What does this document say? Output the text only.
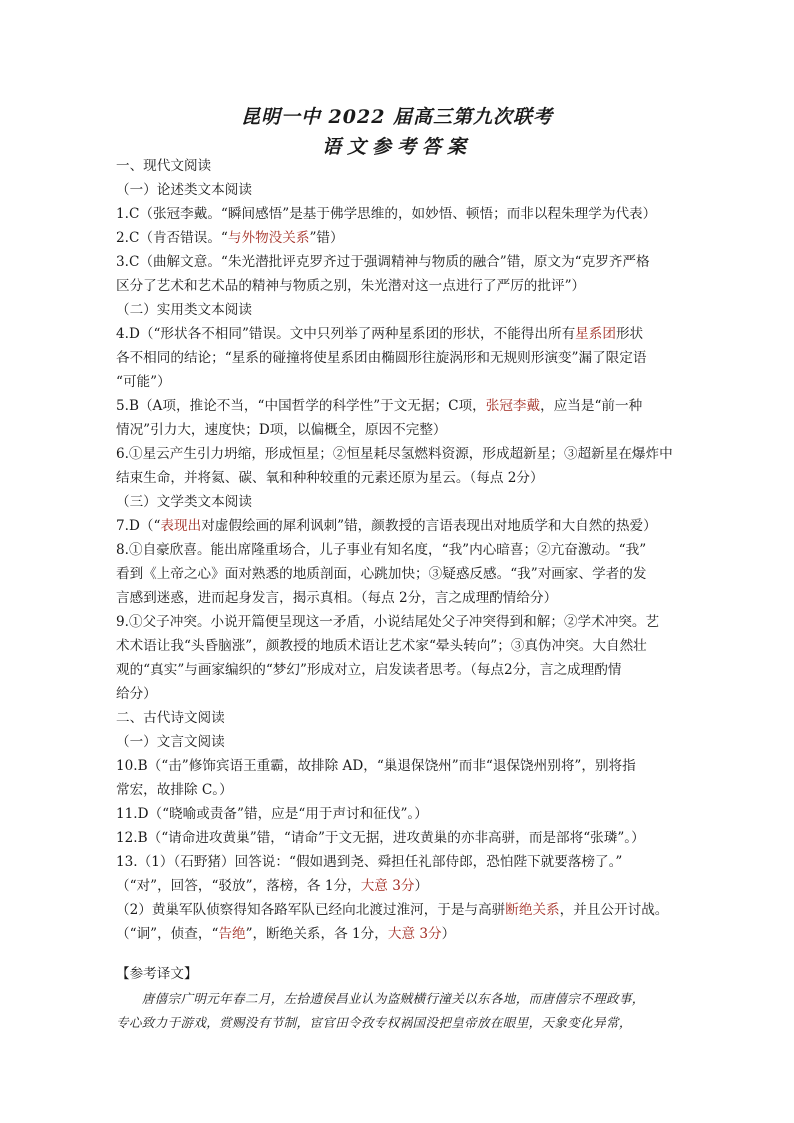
昆明一中 2022 届高三第九次联考
语文参考答案
一、现代文阅读
（一）论述类文本阅读
1.C（张冠李戴。“瞬间感悟”是基于佛学思维的，如妙悟、顿悟；而非以程朱理学为代表）
2.C（肯否错误。“与外物没关系”错）
3.C（曲解文意。“朱光潜批评克罗齐过于强调精神与物质的融合”错，原文为“克罗齐严格
区分了艺术和艺术品的精神与物质之别，朱光潜对这一点进行了严厉的批评”）
（二）实用类文本阅读
4.D（“形状各不相同”错误。文中只列举了两种星系团的形状，不能得出所有星系团形状
各不相同的结论；“星系的碰撞将使星系团由椭圆形往旋涡形和无规则形演变”漏了限定语
“可能”）
5.B（A项，推论不当，“中国哲学的科学性”于文无据；C项，张冠李戴，应当是“前一种
情况”引力大，速度快；D项，以偏概全，原因不完整）
6.①星云产生引力坍缩，形成恒星；②恒星耗尽氢燃料资源，形成超新星；③超新星在爆炸中
结束生命，并将氦、碳、氧和种种较重的元素还原为星云。（每点 2分）
（三）文学类文本阅读
7.D（“表现出对虚假绘画的犀利讽刺”错，颜教授的言语表现出对地质学和大自然的热爱）
8.①自豪欣喜。能出席隆重场合，儿子事业有知名度，“我”内心暗喜；②亢奋激动。“我”
看到《上帝之心》面对熟悉的地质剖面，心跳加快；③疑惑反感。“我”对画家、学者的发
言感到迷惑，进而起身发言，揭示真相。（每点 2分，言之成理酌情给分）
9.①父子冲突。小说开篇便呈现这一矛盾，小说结尾处父子冲突得到和解；②学术冲突。艺
术术语让我“头昏脑涨”，颜教授的地质术语让艺术家“晕头转向”；③真伪冲突。大自然壮
观的“真实”与画家编织的“梦幻”形成对立，启发读者思考。（每点2分，言之成理酌情
给分）
二、古代诗文阅读
（一）文言文阅读
10.B（“击”修饰宾语王重霸，故排除 AD，“巢退保饶州”而非“退保饶州别将”，别将指
常宏，故排除 C。）
11.D（“晓喻或责备”错，应是“用于声讨和征伐”。）
12.B（“请命进攻黄巢”错，“请命”于文无据，进攻黄巢的亦非高骈，而是部将“张璘”。）
13.（1）（石野猪）回答说：“假如遇到尧、舜担任礼部侍郎，恐怕陛下就要落榜了。”
（“对”，回答，“驳放”，落榜，各 1分，大意 3分）
（2）黄巢军队侦察得知各路军队已经向北渡过淮河，于是与高骈断绝关系，并且公开讨战。
（“诇”，侦查，“告绝”，断绝关系，各 1分，大意 3分）
【参考译文】
　　唐僖宗广明元年春二月，左拾遗侯昌业认为盗贼横行潼关以东各地，而唐僖宗不理政事，
专心致力于游戏，赏赐没有节制，宦官田令孜专权祸国没把皇帝放在眼里，天象变化异常，
